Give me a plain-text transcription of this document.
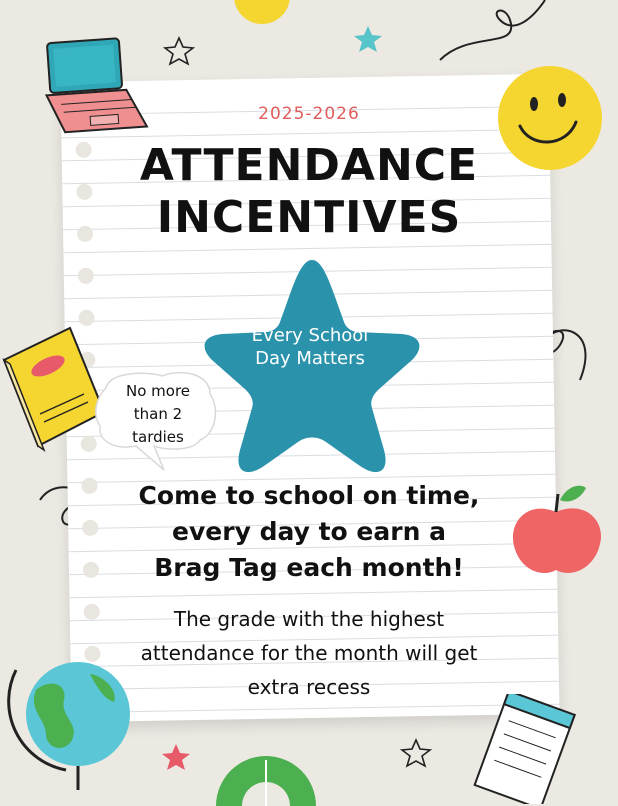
2025-2026
ATTENDANCE
INCENTIVES
Every School
Day Matters
No more
than 2
tardies
Come to school on time,
every day to earn a
Brag Tag each month!
The grade with the highest
attendance for the month will get
extra recess
